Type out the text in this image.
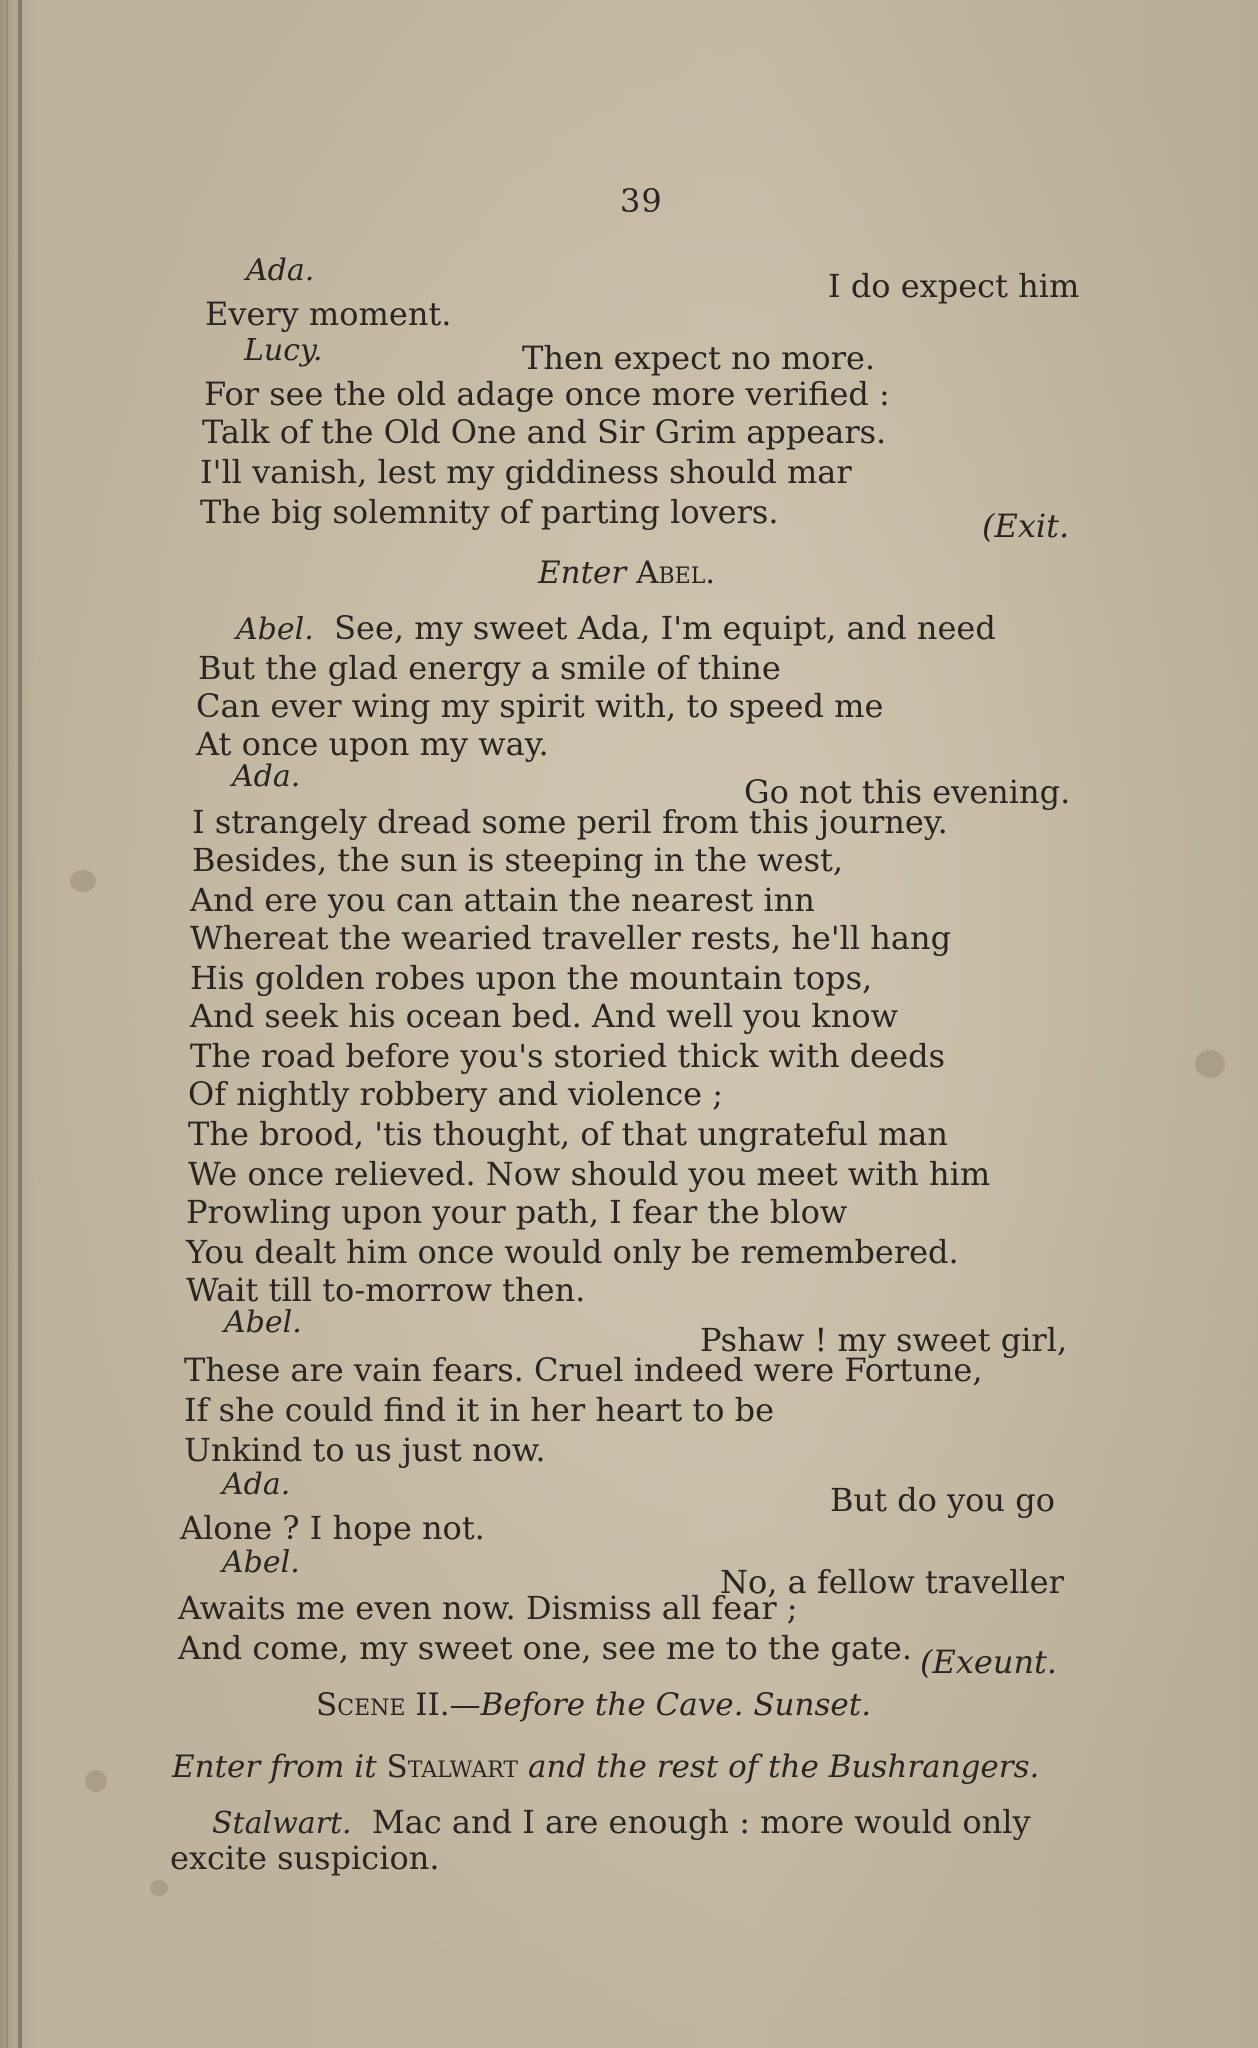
39
Ada.	I do expect him
Every moment.
Lucy.	Then expect no more.
For see the old adage once more verified :
Talk of the Old One and Sir Grim appears.
I'll vanish, lest my giddiness should mar
The big solemnity of parting lovers.	(Exit.
Enter Abel.
Abel. See, my sweet Ada, I'm equipt, and need
But the glad energy a smile of thine
Can ever wing my spirit with, to speed me
At once upon my way.
Ada.	Go not this evening.
I strangely dread some peril from this journey.
Besides, the sun is steeping in the west,
And ere you can attain the nearest inn
Whereat the wearied traveller rests, he'll hang
His golden robes upon the mountain tops,
And seek his ocean bed. And well you know
The road before you's storied thick with deeds
Of nightly robbery and violence ;
The brood, 'tis thought, of that ungrateful man
We once relieved. Now should you meet with him
Prowling upon your path, I fear the blow
You dealt him once would only be remembered.
Wait till to-morrow then.
Abel.	Pshaw ! my sweet girl,
These are vain fears. Cruel indeed were Fortune,
If she could find it in her heart to be
Unkind to us just now.
Ada.	But do you go
Alone ? I hope not.
Abel.
No, a fellow traveller
Awaits me even now. Dismiss all fear ;
And come, my sweet one, see me to the gate. (Exeunt.
Scene II.—Before the Cave. Sunset.
Enter from it Stalwart and the rest of the Bushrangers.
Stalwart. Mac and I are enough : more would only
excite suspicion.
